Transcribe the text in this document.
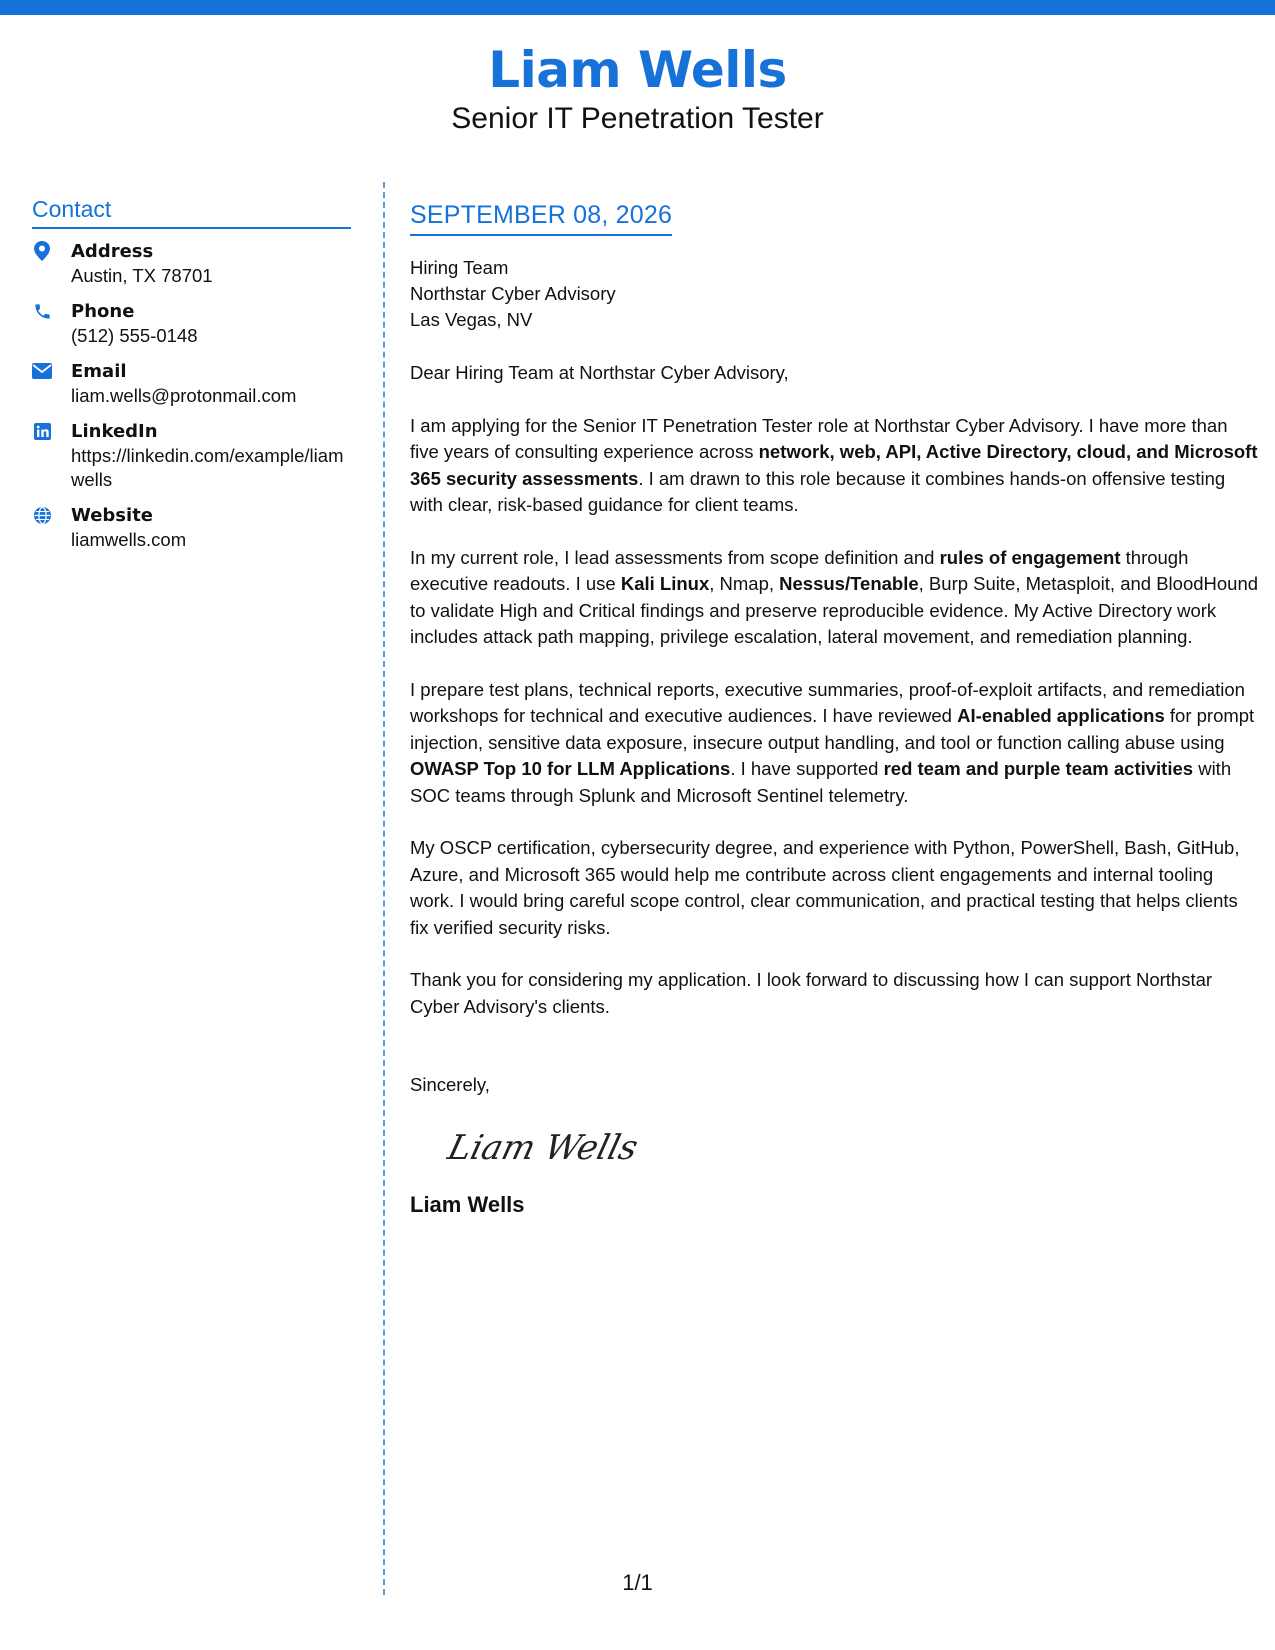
Liam Wells
Senior IT Penetration Tester
Contact
Address
Austin, TX 78701
Phone
(512) 555-0148
Email
liam.wells@protonmail.com
LinkedIn
https://linkedin.com/example/liamwells
Website
liamwells.com
SEPTEMBER 08, 2026
Hiring Team
Northstar Cyber Advisory
Las Vegas, NV
Dear Hiring Team at Northstar Cyber Advisory,
I am applying for the Senior IT Penetration Tester role at Northstar Cyber Advisory. I have more than five years of consulting experience across network, web, API, Active Directory, cloud, and Microsoft 365 security assessments. I am drawn to this role because it combines hands-on offensive testing with clear, risk-based guidance for client teams.
In my current role, I lead assessments from scope definition and rules of engagement through executive readouts. I use Kali Linux, Nmap, Nessus/Tenable, Burp Suite, Metasploit, and BloodHound to validate High and Critical findings and preserve reproducible evidence. My Active Directory work includes attack path mapping, privilege escalation, lateral movement, and remediation planning.
I prepare test plans, technical reports, executive summaries, proof-of-exploit artifacts, and remediation workshops for technical and executive audiences. I have reviewed AI-enabled applications for prompt injection, sensitive data exposure, insecure output handling, and tool or function calling abuse using OWASP Top 10 for LLM Applications. I have supported red team and purple team activities with SOC teams through Splunk and Microsoft Sentinel telemetry.
My OSCP certification, cybersecurity degree, and experience with Python, PowerShell, Bash, GitHub, Azure, and Microsoft 365 would help me contribute across client engagements and internal tooling work. I would bring careful scope control, clear communication, and practical testing that helps clients fix verified security risks.
Thank you for considering my application. I look forward to discussing how I can support Northstar Cyber Advisory's clients.
Sincerely,
Liam Wells
Liam Wells
1/1
